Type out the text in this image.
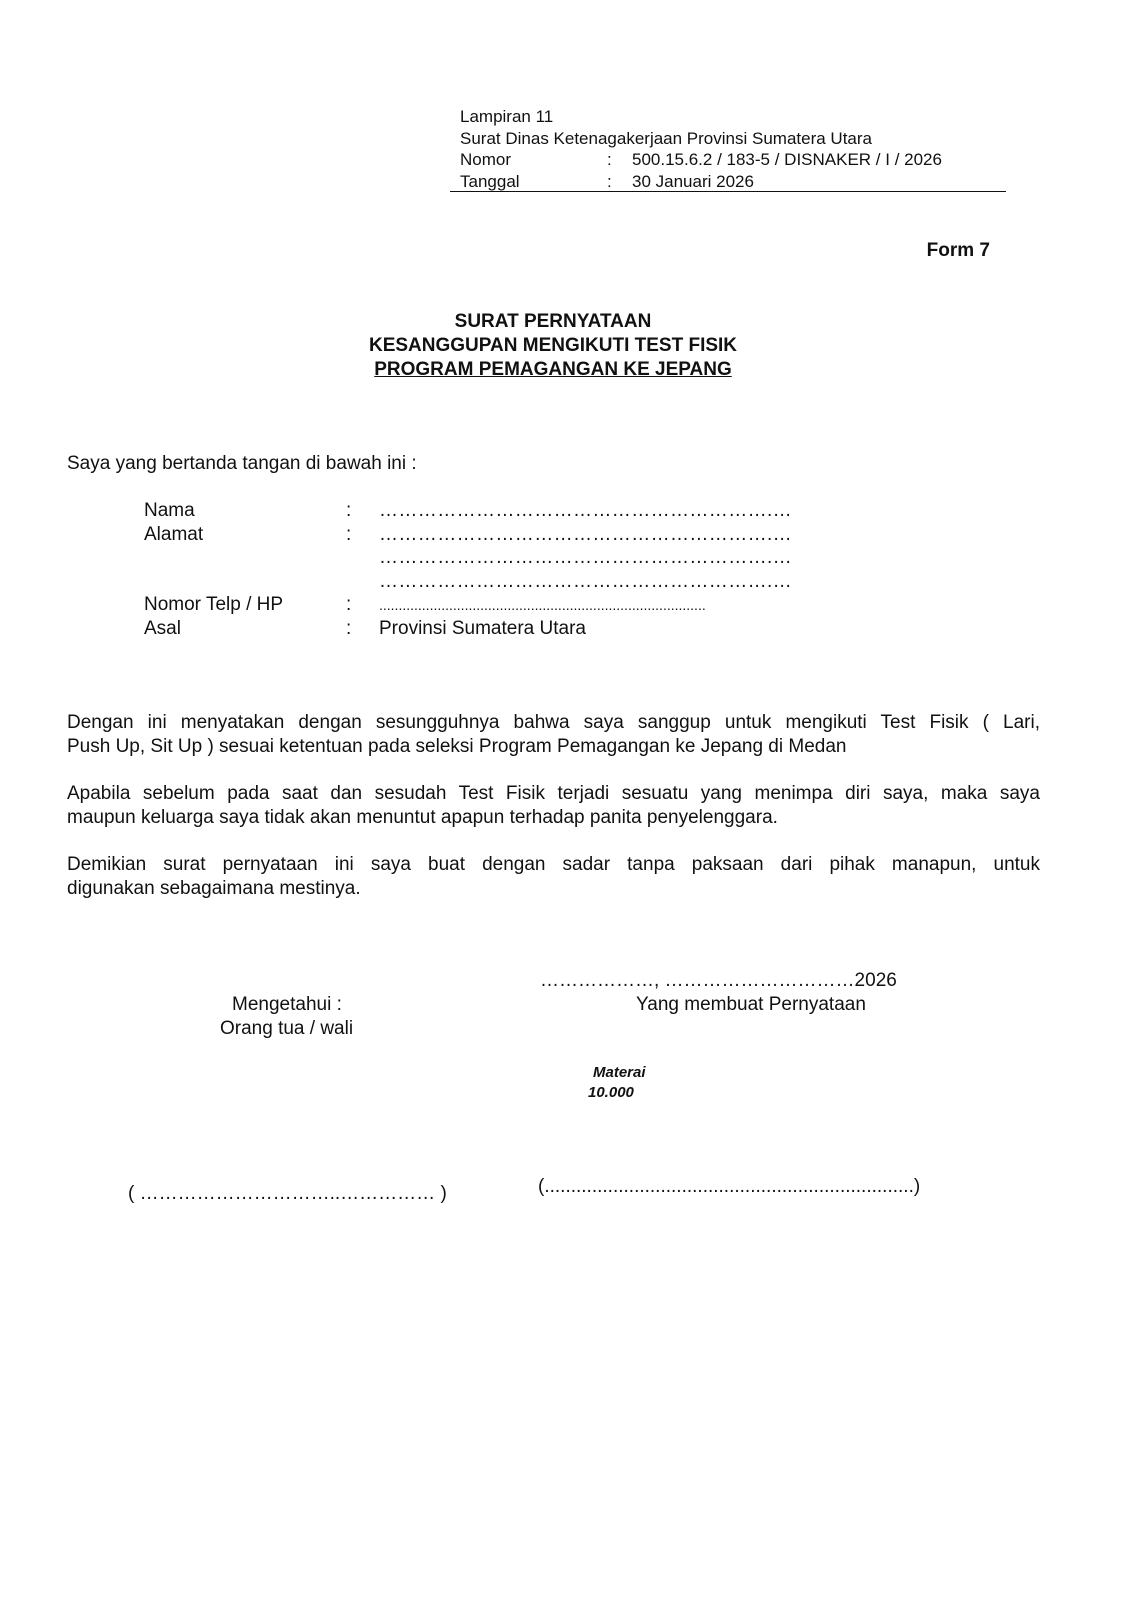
Lampiran 11
Surat Dinas Ketenagakerjaan Provinsi Sumatera Utara
Nomor	:	500.15.6.2 / 183-5 / DISNAKER / I / 2026
Tanggal	:	30 Januari 2026
Form 7
SURAT PERNYATAAN
KESANGGUPAN MENGIKUTI TEST FISIK
PROGRAM PEMAGANGAN KE JEPANG
Saya yang bertanda tangan di bawah ini :
Nama	:	…………………………………………………….…
Alamat	:	…………………………………………………….…
…………………………………………………….…
…………………………………………………….…
Nomor Telp / HP	:	....................................................................................
Asal	:	Provinsi Sumatera Utara
Dengan ini menyatakan dengan sesungguhnya bahwa saya sanggup untuk mengikuti Test Fisik ( Lari,
Push Up, Sit Up ) sesuai ketentuan pada seleksi Program Pemagangan ke Jepang di Medan
Apabila sebelum pada saat dan sesudah Test Fisik terjadi sesuatu yang menimpa diri saya, maka saya
maupun keluarga saya tidak akan menuntut apapun terhadap panita penyelenggara.
Demikian surat pernyataan ini saya buat dengan sadar tanpa paksaan dari pihak manapun, untuk
digunakan sebagaimana mestinya.
………………, …………………………2026
Mengetahui :
Orang tua / wali
Yang membuat Pernyataan
Materai
10.000
( …………………………..…………… )	(......................................................................)
